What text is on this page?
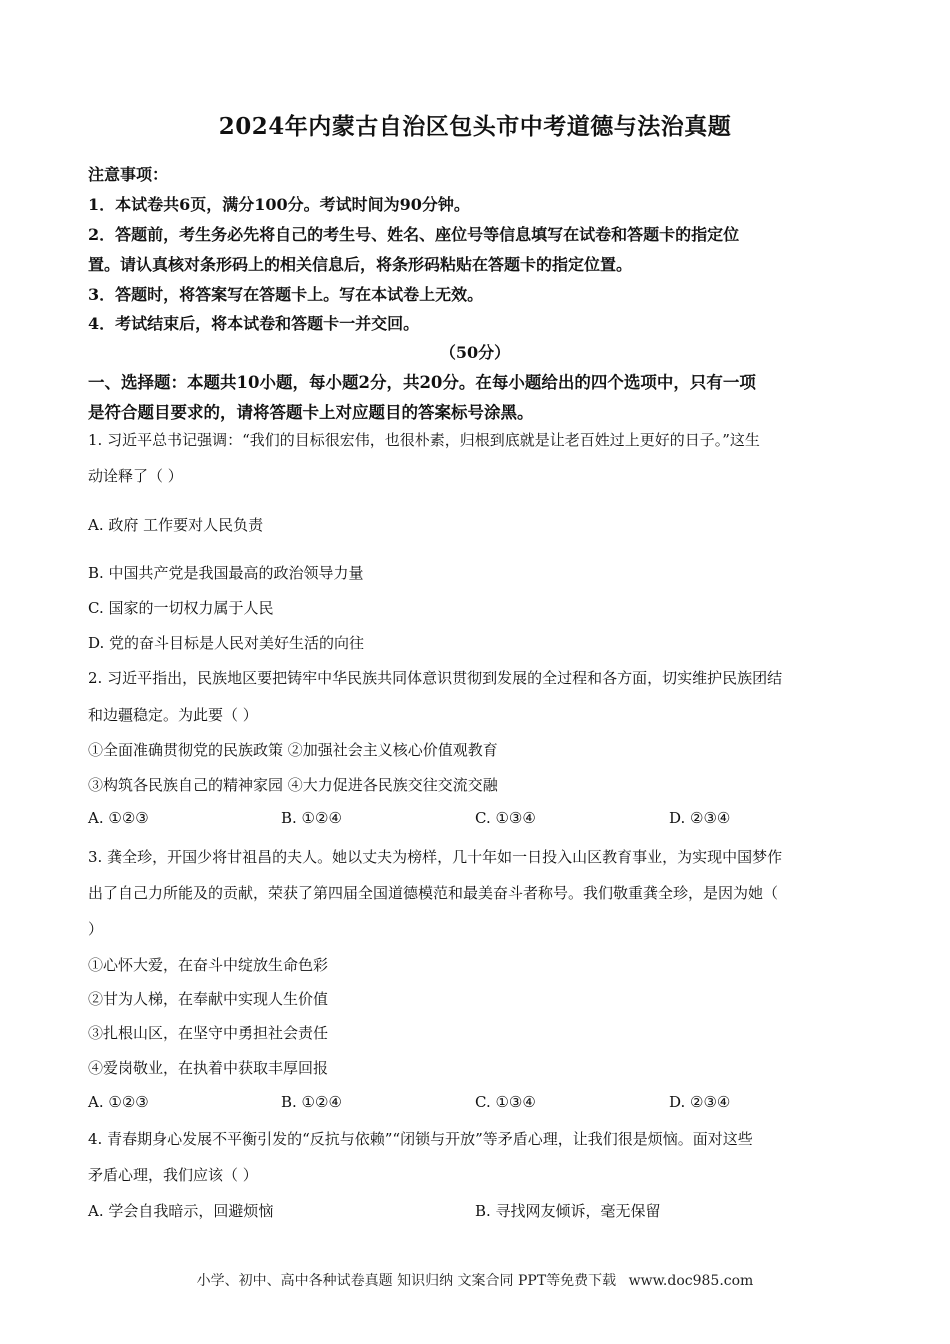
2024年内蒙古自治区包头市中考道德与法治真题
注意事项：
1．本试卷共6页，满分100分。考试时间为90分钟。
2．答题前，考生务必先将自己的考生号、姓名、座位号等信息填写在试卷和答题卡的指定位
置。请认真核对条形码上的相关信息后，将条形码粘贴在答题卡的指定位置。
3．答题时，将答案写在答题卡上。写在本试卷上无效。
4．考试结束后，将本试卷和答题卡一并交回。
（50分）
一、选择题：本题共10小题，每小题2分，共20分。在每小题给出的四个选项中，只有一项
是符合题目要求的，请将答题卡上对应题目的答案标号涂黑。
1. 习近平总书记强调：“我们的目标很宏伟，也很朴素，归根到底就是让老百姓过上更好的日子。”这生
动诠释了（ ）
A. 政府 工作要对人民负责
B. 中国共产党是我国最高的政治领导力量
C. 国家的一切权力属于人民
D. 党的奋斗目标是人民对美好生活的向往
2. 习近平指出，民族地区要把铸牢中华民族共同体意识贯彻到发展的全过程和各方面，切实维护民族团结
和边疆稳定。为此要（ ）
①全面准确贯彻党的民族政策 ②加强社会主义核心价值观教育
③构筑各民族自己的精神家园 ④大力促进各民族交往交流交融
A. ①②③	B. ①②④	C. ①③④	D. ②③④
3. 龚全珍，开国少将甘祖昌的夫人。她以丈夫为榜样，几十年如一日投入山区教育事业，为实现中国梦作
出了自己力所能及的贡献，荣获了第四届全国道德模范和最美奋斗者称号。我们敬重龚全珍，是因为她（
）
①心怀大爱，在奋斗中绽放生命色彩
②甘为人梯，在奉献中实现人生价值
③扎根山区，在坚守中勇担社会责任
④爱岗敬业，在执着中获取丰厚回报
A. ①②③	B. ①②④	C. ①③④	D. ②③④
4. 青春期身心发展不平衡引发的“反抗与依赖”“闭锁与开放”等矛盾心理，让我们很是烦恼。面对这些
矛盾心理，我们应该（ ）
A. 学会自我暗示，回避烦恼	B. 寻找网友倾诉，毫无保留
小学、初中、高中各种试卷真题 知识归纳 文案合同 PPT等免费下载 www.doc985.com
